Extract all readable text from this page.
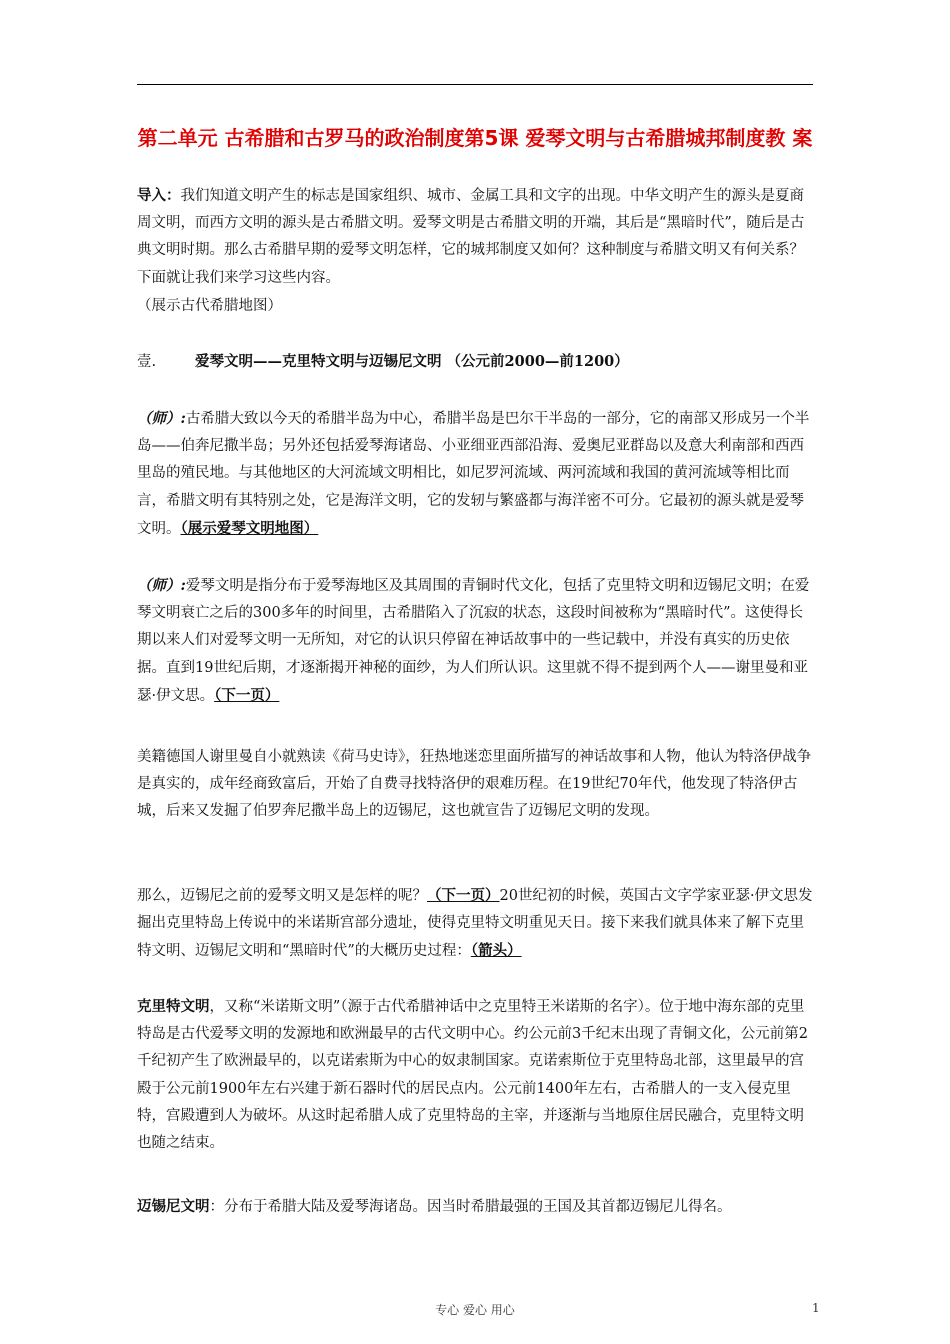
第二单元 古希腊和古罗马的政治制度第5课 爱琴文明与古希腊城邦制度教 案
导入：我们知道文明产生的标志是国家组织、城市、金属工具和文字的出现。中华文明产生的源头是夏商周文明，而西方文明的源头是古希腊文明。爱琴文明是古希腊文明的开端，其后是“黑暗时代”，随后是古典文明时期。那么古希腊早期的爱琴文明怎样，它的城邦制度又如何？这种制度与希腊文明又有何关系？下面就让我们来学习这些内容。
（展示古代希腊地图）
壹.	爱琴文明——克里特文明与迈锡尼文明 （公元前2000—前1200）
（师）:古希腊大致以今天的希腊半岛为中心，希腊半岛是巴尔干半岛的一部分，它的南部又形成另一个半岛——伯奔尼撒半岛；另外还包括爱琴海诸岛、小亚细亚西部沿海、爱奥尼亚群岛以及意大利南部和西西里岛的殖民地。与其他地区的大河流域文明相比，如尼罗河流域、两河流域和我国的黄河流域等相比而言，希腊文明有其特别之处，它是海洋文明，它的发轫与繁盛都与海洋密不可分。它最初的源头就是爱琴文明。（展示爱琴文明地图）
（师）:爱琴文明是指分布于爱琴海地区及其周围的青铜时代文化，包括了克里特文明和迈锡尼文明；在爱琴文明衰亡之后的300多年的时间里，古希腊陷入了沉寂的状态，这段时间被称为“黑暗时代”。这使得长期以来人们对爱琴文明一无所知，对它的认识只停留在神话故事中的一些记载中，并没有真实的历史依据。直到19世纪后期，才逐渐揭开神秘的面纱，为人们所认识。这里就不得不提到两个人——谢里曼和亚瑟·伊文思。（下一页）
美籍德国人谢里曼自小就熟读《荷马史诗》，狂热地迷恋里面所描写的神话故事和人物，他认为特洛伊战争是真实的，成年经商致富后，开始了自费寻找特洛伊的艰难历程。在19世纪70年代，他发现了特洛伊古城，后来又发掘了伯罗奔尼撒半岛上的迈锡尼，这也就宣告了迈锡尼文明的发现。
那么，迈锡尼之前的爱琴文明又是怎样的呢？（下一页）20世纪初的时候，英国古文字学家亚瑟·伊文思发掘出克里特岛上传说中的米诺斯宫部分遗址，使得克里特文明重见天日。接下来我们就具体来了解下克里特文明、迈锡尼文明和“黑暗时代”的大概历史过程：（箭头）
克里特文明，又称“米诺斯文明”（源于古代希腊神话中之克里特王米诺斯的名字）。位于地中海东部的克里特岛是古代爱琴文明的发源地和欧洲最早的古代文明中心。约公元前3千纪末出现了青铜文化，公元前第2千纪初产生了欧洲最早的，以克诺索斯为中心的奴隶制国家。克诺索斯位于克里特岛北部，这里最早的宫殿于公元前1900年左右兴建于新石器时代的居民点内。公元前1400年左右，古希腊人的一支入侵克里特，宫殿遭到人为破坏。从这时起希腊人成了克里特岛的主宰，并逐渐与当地原住居民融合，克里特文明也随之结束。
迈锡尼文明：分布于希腊大陆及爱琴海诸岛。因当时希腊最强的王国及其首都迈锡尼儿得名。
专心 爱心 用心	1
